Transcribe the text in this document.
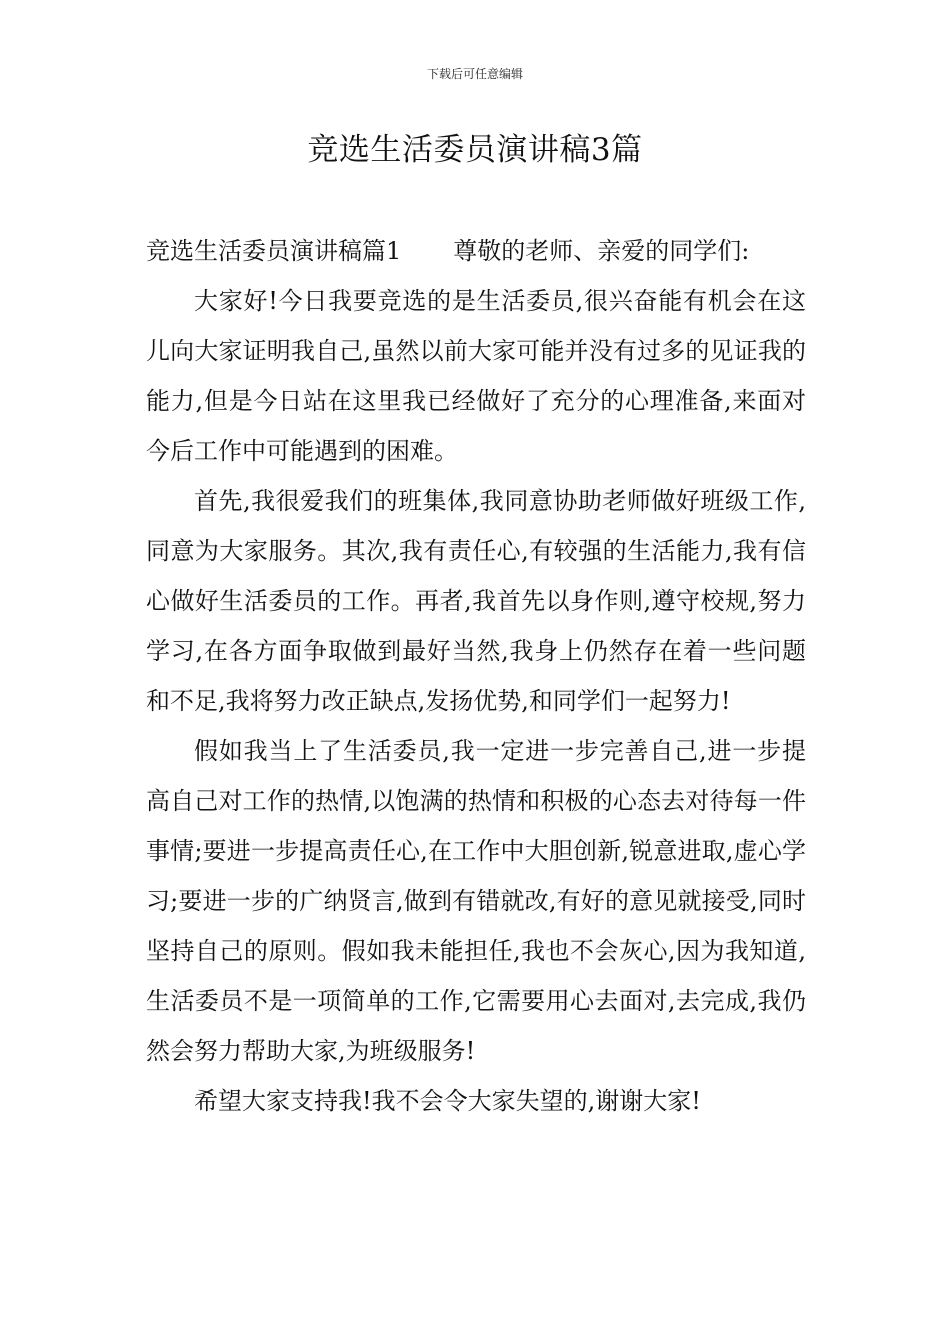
下载后可任意编辑
竞选生活委员演讲稿3篇

竞选生活委员演讲稿篇1 尊敬的老师、亲爱的同学们:

大家好!今日我要竞选的是生活委员,很兴奋能有机会在这儿向大家证明我自己,虽然以前大家可能并没有过多的见证我的能力,但是今日站在这里我已经做好了充分的心理准备,来面对今后工作中可能遇到的困难。

首先,我很爱我们的班集体,我同意协助老师做好班级工作,同意为大家服务。其次,我有责任心,有较强的生活能力,我有信心做好生活委员的工作。再者,我首先以身作则,遵守校规,努力学习,在各方面争取做到最好当然,我身上仍然存在着一些问题和不足,我将努力改正缺点,发扬优势,和同学们一起努力!

假如我当上了生活委员,我一定进一步完善自己,进一步提高自己对工作的热情,以饱满的热情和积极的心态去对待每一件事情;要进一步提高责任心,在工作中大胆创新,锐意进取,虚心学习;要进一步的广纳贤言,做到有错就改,有好的意见就接受,同时坚持自己的原则。假如我未能担任,我也不会灰心,因为我知道,生活委员不是一项简单的工作,它需要用心去面对,去完成,我仍然会努力帮助大家,为班级服务!

希望大家支持我!我不会令大家失望的,谢谢大家!
